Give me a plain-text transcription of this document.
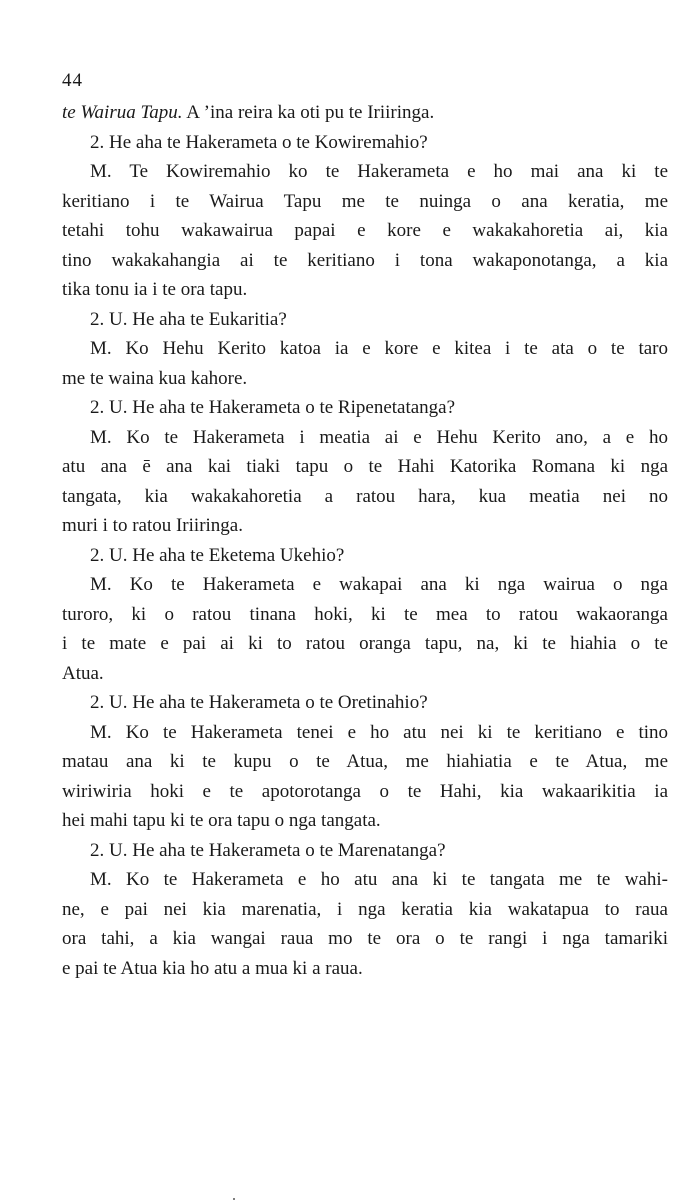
44
te Wairua Tapu. A ’ina reira ka oti pu te Iriiringa.
2. He aha te Hakerameta o te Kowiremahio?
M. Te Kowiremahio ko te Hakerameta e ho mai ana ki te
keritiano i te Wairua Tapu me te nuinga o ana keratia, me
tetahi tohu wakawairua papai e kore e wakakahoretia ai, kia
tino wakakahangia ai te keritiano i tona wakaponotanga, a kia
tika tonu ia i te ora tapu.
2. U. He aha te Eukaritia?
M. Ko Hehu Kerito katoa ia e kore e kitea i te ata o te taro
me te waina kua kahore.
2. U. He aha te Hakerameta o te Ripenetatanga?
M. Ko te Hakerameta i meatia ai e Hehu Kerito ano, a e ho
atu ana ē ana kai tiaki tapu o te Hahi Katorika Romana ki nga
tangata, kia wakakahoretia a ratou hara, kua meatia nei no
muri i to ratou Iriiringa.
2. U. He aha te Eketema Ukehio?
M. Ko te Hakerameta e wakapai ana ki nga wairua o nga
turoro, ki o ratou tinana hoki, ki te mea to ratou wakaoranga
i te mate e pai ai ki to ratou oranga tapu, na, ki te hiahia o te
Atua.
2. U. He aha te Hakerameta o te Oretinahio?
M. Ko te Hakerameta tenei e ho atu nei ki te keritiano e tino
matau ana ki te kupu o te Atua, me hiahiatia e te Atua, me
wiriwiria hoki e te apotorotanga o te Hahi, kia wakaarikitia ia
hei mahi tapu ki te ora tapu o nga tangata.
2. U. He aha te Hakerameta o te Marenatanga?
M. Ko te Hakerameta e ho atu ana ki te tangata me te wahi-
ne, e pai nei kia marenatia, i nga keratia kia wakatapua to raua
ora tahi, a kia wangai raua mo te ora o te rangi i nga tamariki
e pai te Atua kia ho atu a mua ki a raua.
